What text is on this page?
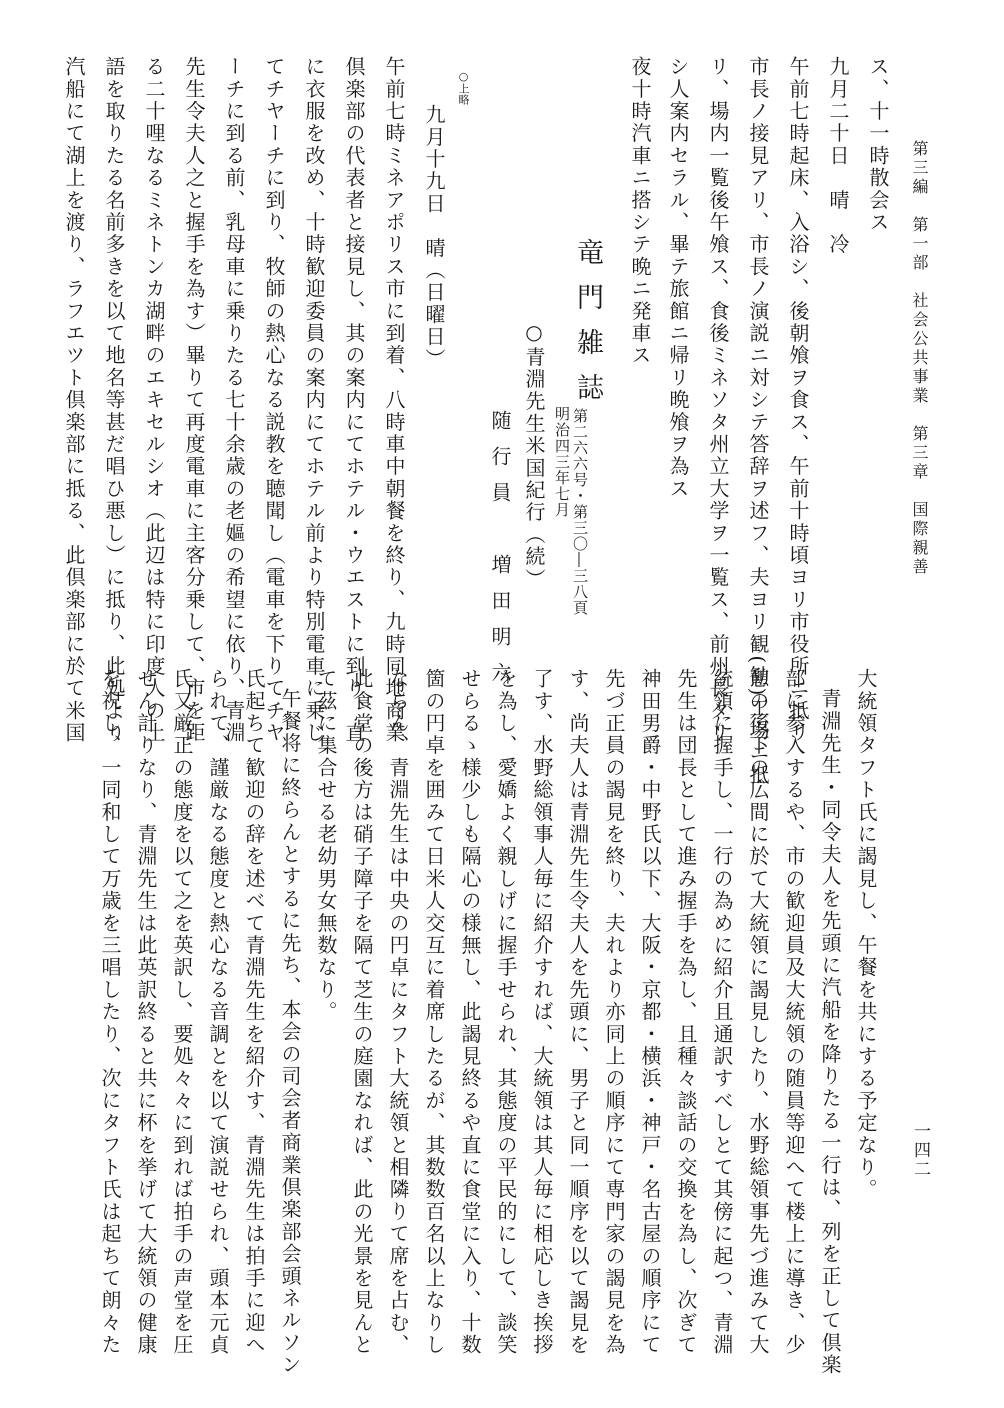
第三編　第一部　社会公共事業　第三章　国際親善
一四二
ス、十一時散会ス
九月二十日　晴　冷
午前七時起床、入浴シ、後朝飧ヲ食ス、午前十時頃ヨリ市役所ニ抵リ
市長ノ接見アリ、市長ノ演説ニ対シテ答辞ヲ述フ、夫ヨリ観(勧)工場ニ抵
リ、場内一覧後午飧ス、食後ミネソタ州立大学ヲ一覧ス、前州長タリ
シ人案内セラル、畢テ旅館ニ帰リ晩飧ヲ為ス
夜十時汽車ニ搭シテ晩ニ発車ス
竜門雑誌
第二六六号・第三〇―三八頁
明治四三年七月
○青淵先生米国紀行（続）
随行員　増田明六
○上略
九月十九日　晴（日曜日）
午前七時ミネアポリス市に到着、八時車中朝餐を終り、九時同地商業
倶楽部の代表者と接見し、其の案内にてホテル・ウエストに到り、直
に衣服を改め、十時歓迎委員の案内にてホテル前より特別電車に乗じ
てチヤーチに到り、牧師の熱心なる説教を聴聞し（電車を下りてチヤ
ーチに到る前、乳母車に乗りたる七十余歳の老嫗の希望に依り、青淵
先生令夫人之と握手を為す）畢りて再度電車に主客分乗して、市を距
る二十哩なるミネトンカ湖畔のエキセルシオ（此辺は特に印度人の土
語を取りたる名前多きを以て地名等甚だ唱ひ悪し）に抵り、此処より
汽船にて湖上を渡り、ラフエツト倶楽部に抵る、此倶楽部に於て米国
大統領タフト氏に謁見し、午餐を共にする予定なり。
青淵先生・同令夫人を先頭に汽船を降りたる一行は、列を正して倶楽
部に参入するや、市の歓迎員及大統領の随員等迎へて楼上に導き、少
憩の後下の広間に於て大統領に謁見したり、水野総領事先づ進みて大
統領に握手し、一行の為めに紹介且通訳すべしとて其傍に起つ、青淵
先生は団長として進み握手を為し、且種々談話の交換を為し、次ぎて
神田男爵・中野氏以下、大阪・京都・横浜・神戸・名古屋の順序にて
先づ正員の謁見を終り、夫れより亦同上の順序にて専門家の謁見を為
す、尚夫人は青淵先生令夫人を先頭に、男子と同一順序を以て謁見を
了す、水野総領事人毎に紹介すれば、大統領は其人毎に相応しき挨拶
を為し、愛嬌よく親しげに握手せられ、其態度の平民的にして、談笑
せらるゝ様少しも隔心の様無し、此謁見終るや直に食堂に入り、十数
箇の円卓を囲みて日米人交互に着席したるが、其数数百名以上なりし
ならん、青淵先生は中央の円卓にタフト大統領と相隣りて席を占む、
此食堂の後方は硝子障子を隔て芝生の庭園なれば、此の光景を見んと
て茲に集合せる老幼男女無数なり。
午餐将に終らんとするに先ち、本会の司会者商業倶楽部会頭ネルソン
氏起ちて歓迎の辞を述べて青淵先生を紹介す、青淵先生は拍手に迎へ
られて、謹厳なる態度と熱心なる音調とを以て演説せられ、頭本元貞
氏又厳正の態度を以て之を英訳し、要処々々に到れば拍手の声堂を圧
せん計りなり、青淵先生は此英訳終ると共に杯を挙げて大統領の健康
を祝し、一同和して万歳を三唱したり、次にタフト氏は起ちて朗々た
